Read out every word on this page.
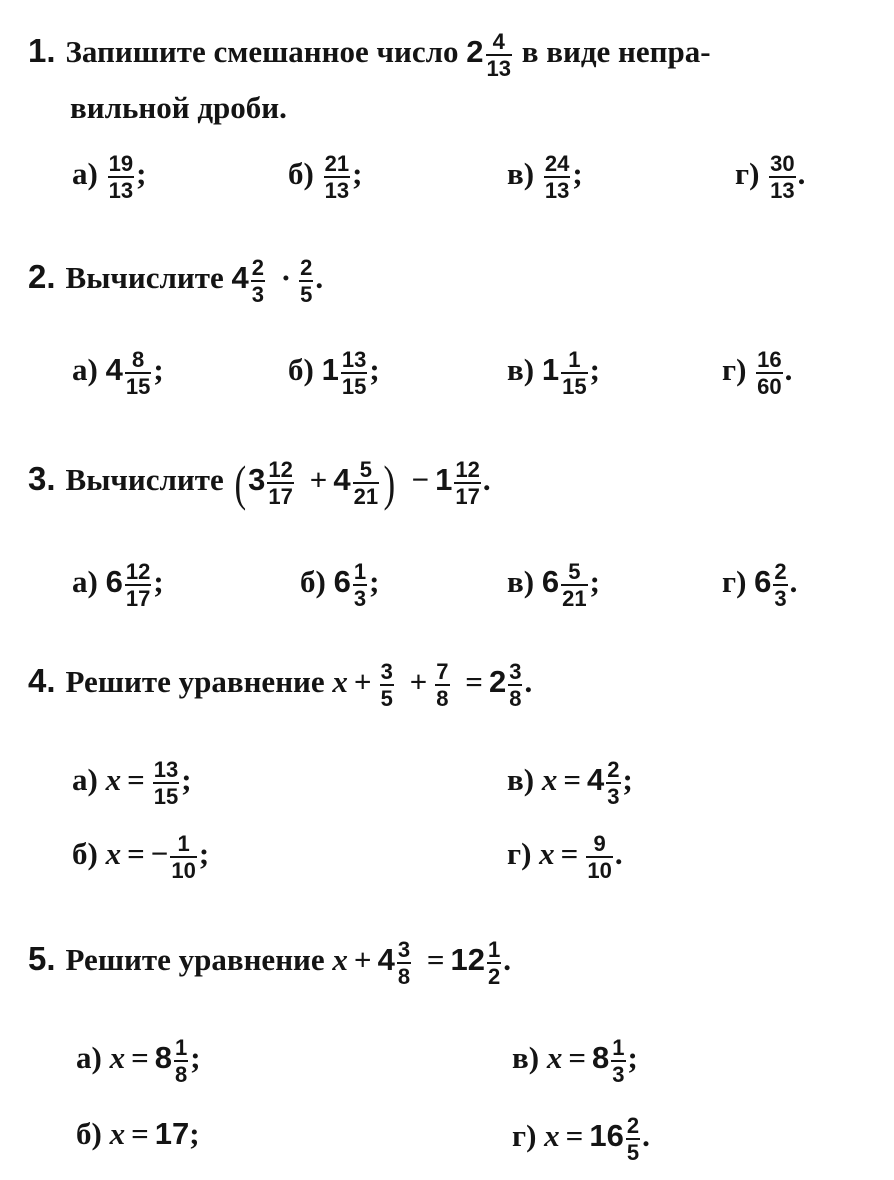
1. Запишите смешанное число $2 \frac{4}{13}$ в виде непра-
вильной дроби.
$а) \frac{19}{13}$ ;	$б) \frac{21}{13}$ ;	$в) \frac{24}{13}$ ;	$г) \frac{30}{13}$ .
2. Вычислите $4 \frac{2}{3} \cdot \frac{2}{5}$ .
а) $4 \frac{8}{15}$ ;	б) $1 \frac{13}{15}$ ;	в) $1 \frac{1}{15}$ ;	$г) \frac{16}{60}$ .
3. Вычислите ($3 \frac{12}{17} + 4 \frac{5}{21}$ ) − $1 \frac{12}{17}$ .
а) $6 \frac{12}{17}$ ;	б) $6 \frac{1}{3}$ ;	в) $6 \frac{5}{21}$ ;	г) $6 \frac{2}{3}$ .
4. Решите уравнение $x + \frac{3}{5} + \frac{7}{8} = 2 \frac{3}{8}$ .
а) $x = \frac{13}{15}$ ;	в) $x = 4 \frac{2}{3}$ ;
б) x = − $\frac{1}{10}$ ;	г) $x = \frac{9}{10}$ .
5. Решите уравнение $x + 4 \frac{3}{8} = 12 \frac{1}{2}$ .
а) $x = 8 \frac{1}{8}$ ;	в) $x = 8 \frac{1}{3}$ ;
б) x = 17;	г) $x = 16 \frac{2}{5}$ .
